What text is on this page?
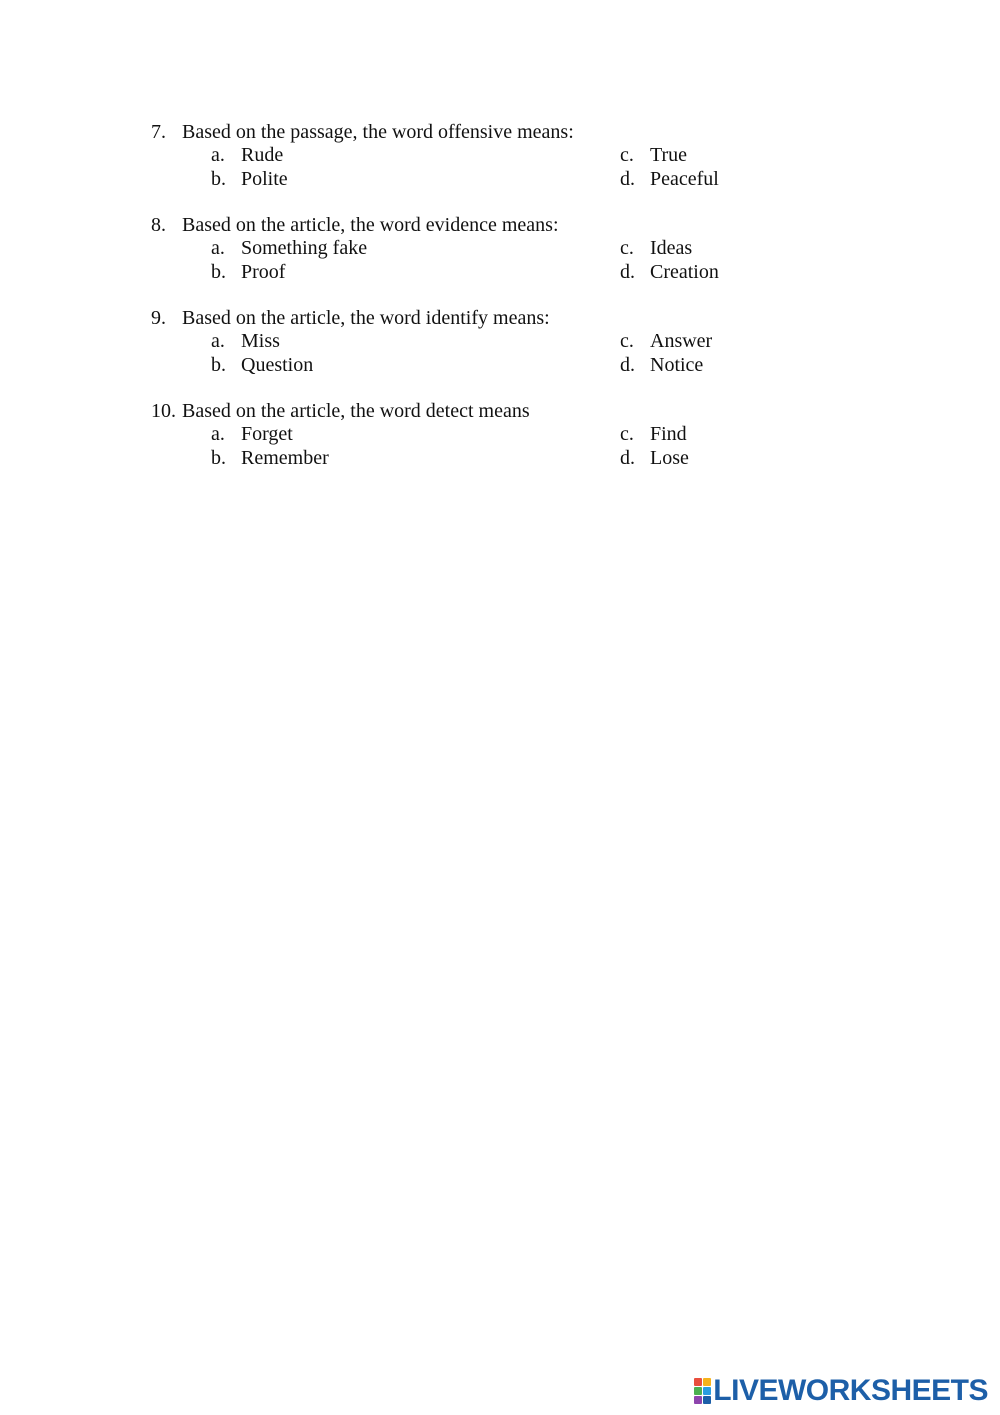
7. Based on the passage, the word offensive means:
a. Rude	c. True
b. Polite	d. Peaceful
8. Based on the article, the word evidence means:
a. Something fake	c. Ideas
b. Proof	d. Creation
9. Based on the article, the word identify means:
a. Miss	c. Answer
b. Question	d. Notice
10. Based on the article, the word detect means
a. Forget	c. Find
b. Remember	d. Lose
LIVEWORKSHEETS
